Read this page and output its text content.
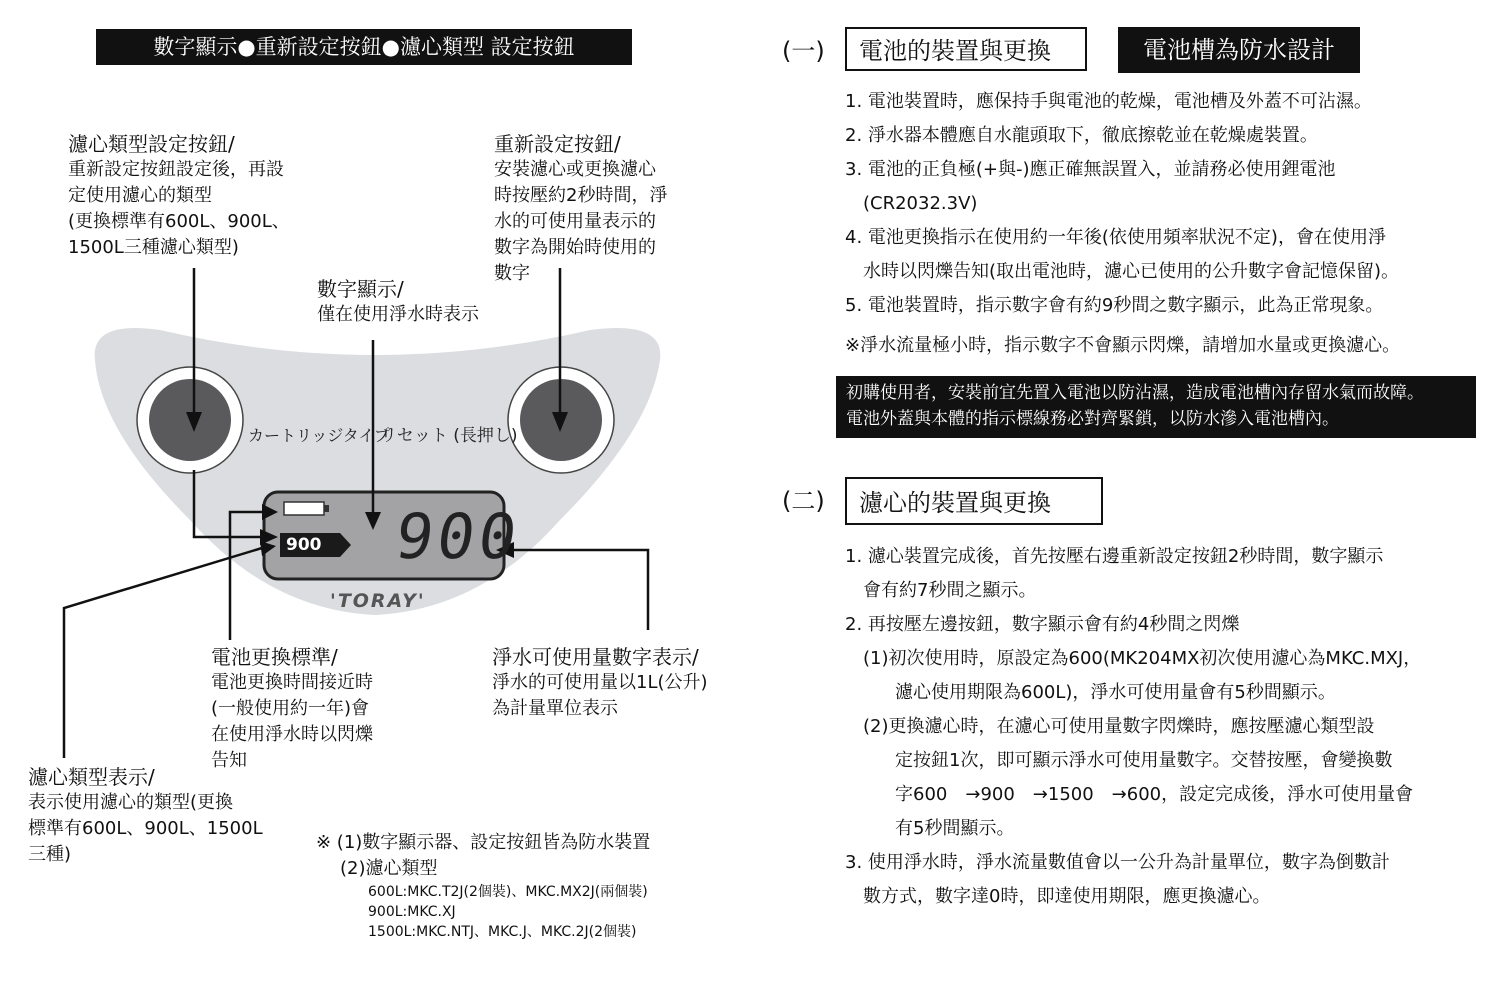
數字顯示●重新設定按鈕●濾心類型 設定按鈕
カートリッジタイプ
リセット (長押し)
900 900
'TORAY'
濾心類型設定按鈕/
重新設定按鈕設定後，再設
定使用濾心的類型
(更換標準有600L、900L、
1500L三種濾心類型)
重新設定按鈕/
安裝濾心或更換濾心
時按壓約2秒時間，淨
水的可使用量表示的
數字為開始時使用的
數字
數字顯示/
僅在使用淨水時表示
電池更換標準/
電池更換時間接近時
(一般使用約一年)會
在使用淨水時以閃爍
告知
淨水可使用量數字表示/
淨水的可使用量以1L(公升)
為計量單位表示
濾心類型表示/
表示使用濾心的類型(更換
標準有600L、900L、1500L
三種)
※ (1)數字顯示器、設定按鈕皆為防水裝置
(2)濾心類型
600L:MKC.T2J(2個裝)、MKC.MX2J(兩個裝)
900L:MKC.XJ
1500L:MKC.NTJ、MKC.J、MKC.2J(2個裝)
(一)	電池的裝置與更換	電池槽為防水設計
1. 電池裝置時，應保持手與電池的乾燥，電池槽及外蓋不可沾濕。
2. 淨水器本體應自水龍頭取下，徹底擦乾並在乾燥處裝置。
3. 電池的正負極(+與-)應正確無誤置入，並請務必使用鋰電池
(CR2032.3V)
4. 電池更換指示在使用約一年後(依使用頻率狀況不定)，會在使用淨
水時以閃爍告知(取出電池時，濾心已使用的公升數字會記憶保留)。
5. 電池裝置時，指示數字會有約9秒間之數字顯示，此為正常現象。
※淨水流量極小時，指示數字不會顯示閃爍，請增加水量或更換濾心。
初購使用者，安裝前宜先置入電池以防沾濕，造成電池槽內存留水氣而故障。
電池外蓋與本體的指示標線務必對齊緊鎖，以防水滲入電池槽內。
(二)	濾心的裝置與更換
1. 濾心裝置完成後，首先按壓右邊重新設定按鈕2秒時間，數字顯示
會有約7秒間之顯示。
2. 再按壓左邊按鈕，數字顯示會有約4秒間之閃爍
(1)初次使用時，原設定為600(MK204MX初次使用濾心為MKC.MXJ，
濾心使用期限為600L)，淨水可使用量會有5秒間顯示。
(2)更換濾心時，在濾心可使用量數字閃爍時，應按壓濾心類型設
定按鈕1次，即可顯示淨水可使用量數字。交替按壓，會變換數
字600　→900　→1500　→600，設定完成後，淨水可使用量會
有5秒間顯示。
3. 使用淨水時，淨水流量數值會以一公升為計量單位，數字為倒數計
數方式，數字達0時，即達使用期限，應更換濾心。
